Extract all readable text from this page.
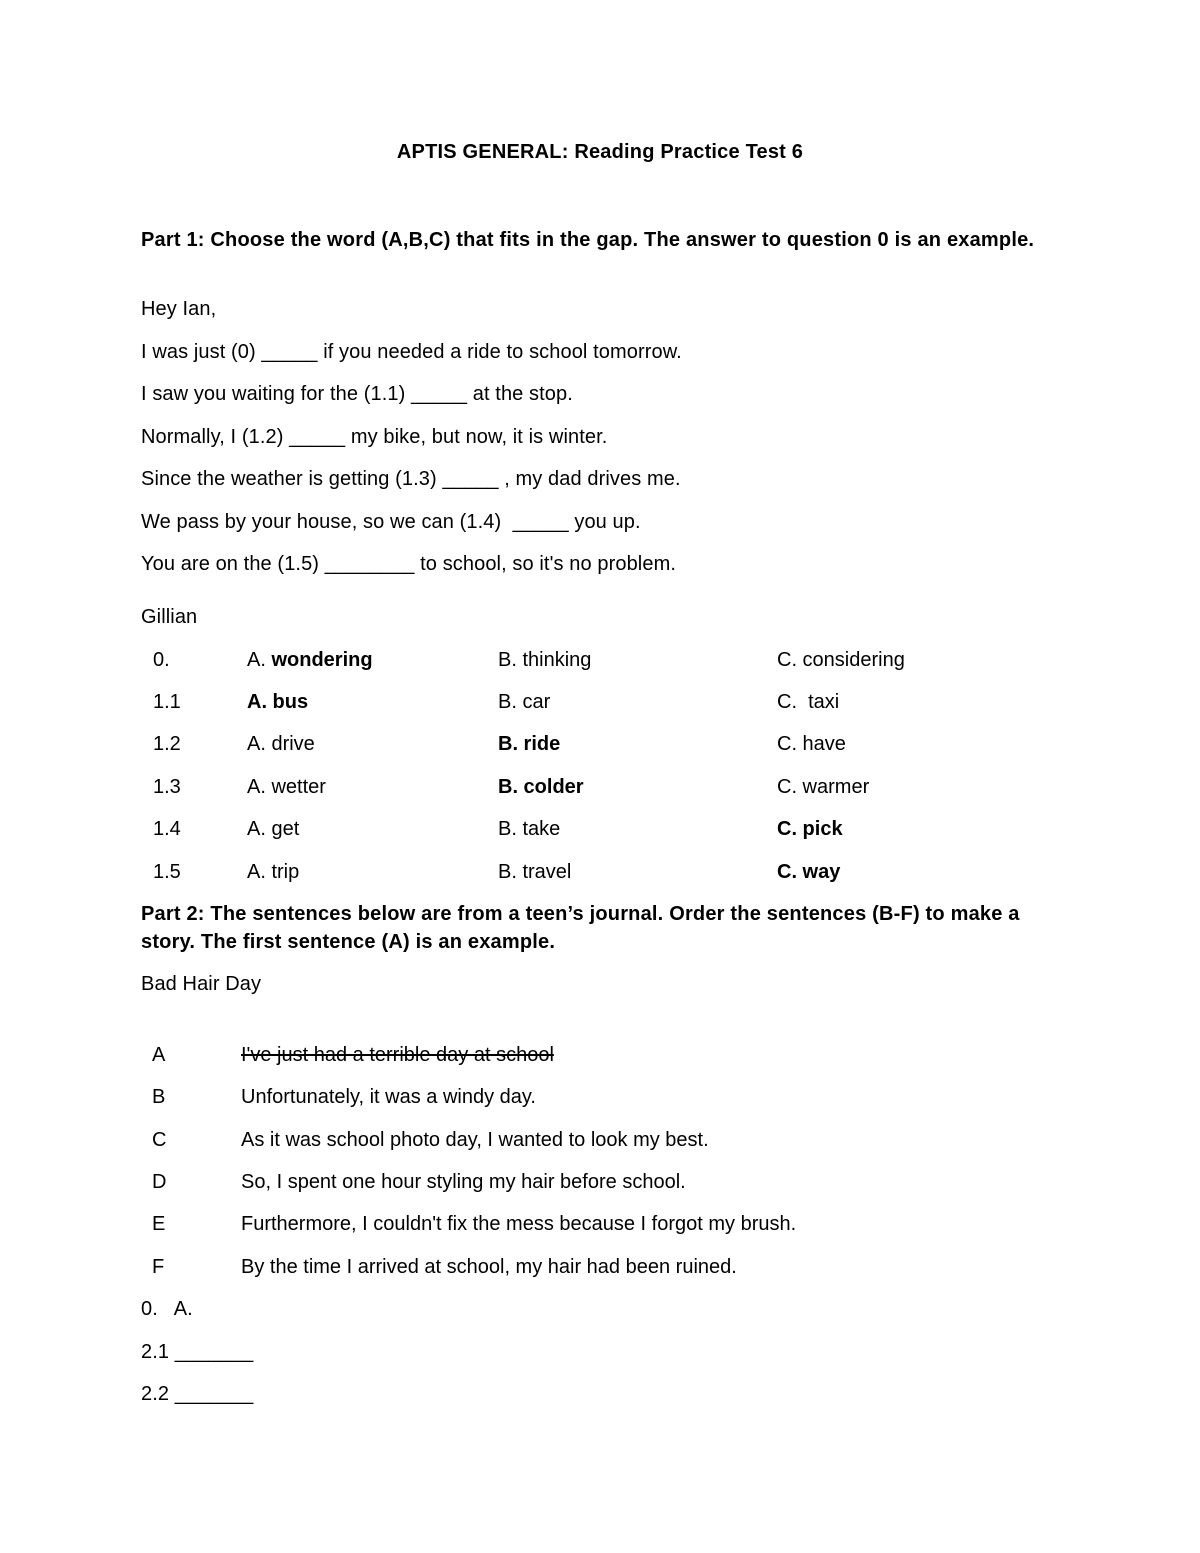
APTIS GENERAL: Reading Practice Test 6
Part 1: Choose the word (A,B,C) that fits in the gap. The answer to question 0 is an example.
Hey Ian,
I was just (0) _____ if you needed a ride to school tomorrow.
I saw you waiting for the (1.1) _____ at the stop.
Normally, I (1.2) _____ my bike, but now, it is winter.
Since the weather is getting (1.3) _____ , my dad drives me.
We pass by your house, so we can (1.4)  _____ you up.
You are on the (1.5) ________ to school, so it's no problem.
Gillian
0.	A. wondering	B. thinking	C. considering
1.1	A. bus	B. car	C.  taxi
1.2	A. drive	B. ride	C. have
1.3	A. wetter	B. colder	C. warmer
1.4	A. get	B. take	C. pick
1.5	A. trip	B. travel	C. way
Part 2: The sentences below are from a teen’s journal. Order the sentences (B-F) to make a story. The first sentence (A) is an example.
Bad Hair Day
A	I've just had a terrible day at school
B	Unfortunately, it was a windy day.
C	As it was school photo day, I wanted to look my best.
D	So, I spent one hour styling my hair before school.
E	Furthermore, I couldn't fix the mess because I forgot my brush.
F	By the time I arrived at school, my hair had been ruined.
0.   A.
2.1 _______
2.2 _______
